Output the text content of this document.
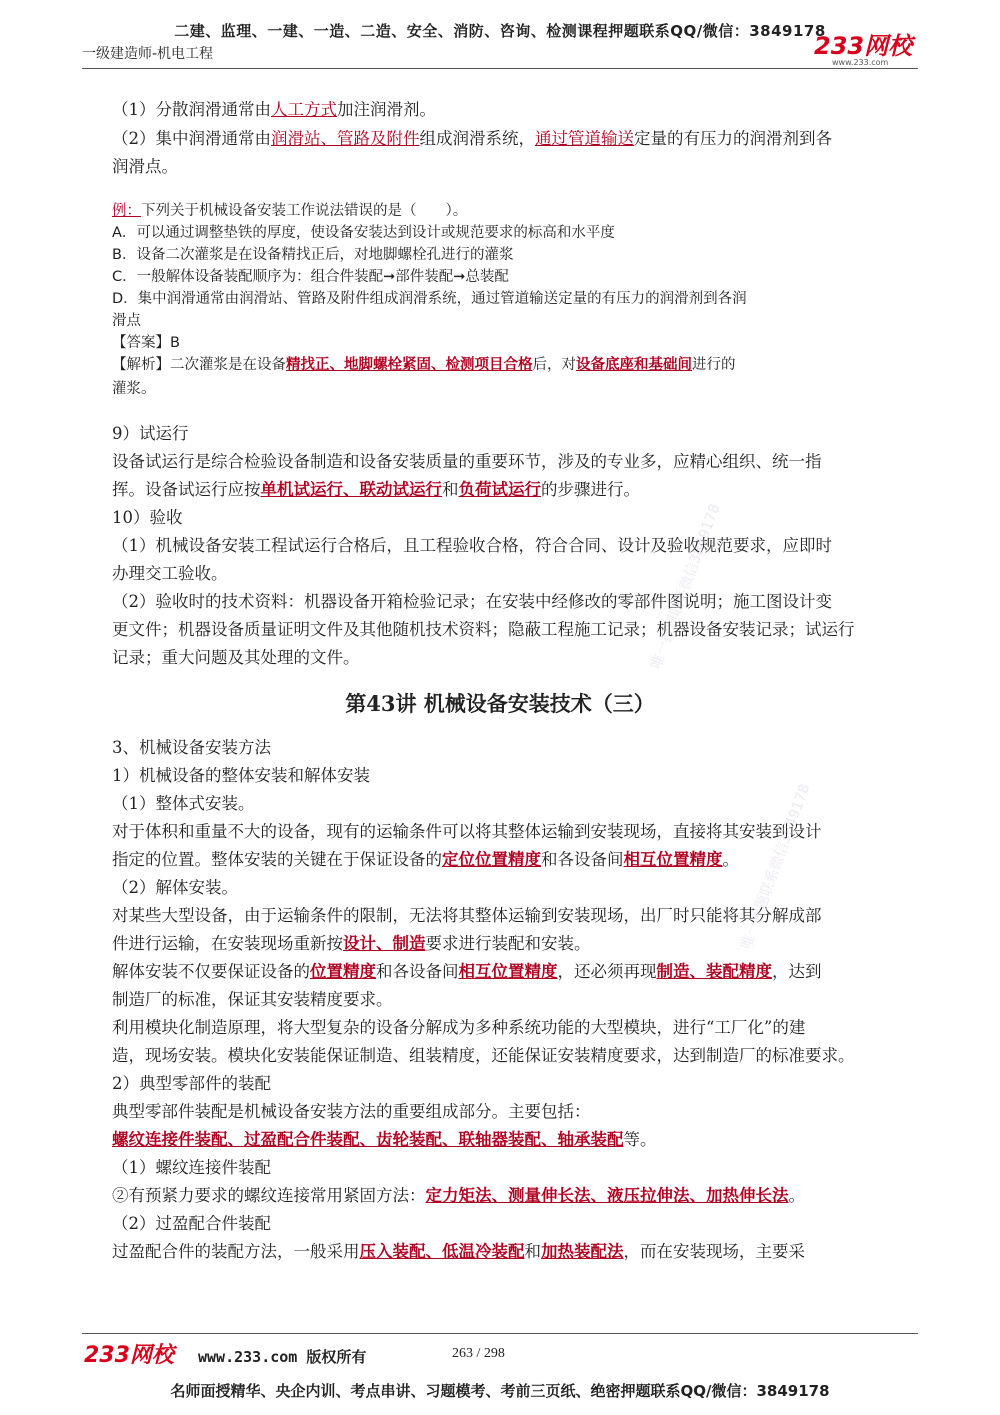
二建、监理、一建、一造、二造、安全、消防、咨询、检测课程押题联系QQ/微信：3849178
一级建造师-机电工程	233网校
www.233.com
（1）分散润滑通常由人工方式加注润滑剂。
（2）集中润滑通常由润滑站、管路及附件组成润滑系统，通过管道输送定量的有压力的润滑剂到各
润滑点。
例：下列关于机械设备安装工作说法错误的是（　　）。
A．可以通过调整垫铁的厚度，使设备安装达到设计或规范要求的标高和水平度
B．设备二次灌浆是在设备精找正后，对地脚螺栓孔进行的灌浆
C．一般解体设备装配顺序为：组合件装配➞部件装配➞总装配
D．集中润滑通常由润滑站、管路及附件组成润滑系统，通过管道输送定量的有压力的润滑剂到各润
滑点
【答案】B
【解析】二次灌浆是在设备精找正、地脚螺栓紧固、检测项目合格后，对设备底座和基础间进行的
灌浆。
9）试运行
设备试运行是综合检验设备制造和设备安装质量的重要环节，涉及的专业多，应精心组织、统一指
挥。设备试运行应按单机试运行、联动试运行和负荷试运行的步骤进行。
10）验收
（1）机械设备安装工程试运行合格后，且工程验收合格，符合合同、设计及验收规范要求，应即时
办理交工验收。
（2）验收时的技术资料：机器设备开箱检验记录；在安装中经修改的零部件图说明；施工图设计变
更文件；机器设备质量证明文件及其他随机技术资料；隐蔽工程施工记录；机器设备安装记录；试运行
记录；重大问题及其处理的文件。
第43讲 机械设备安装技术（三）
3、机械设备安装方法
1）机械设备的整体安装和解体安装
（1）整体式安装。
对于体积和重量不大的设备，现有的运输条件可以将其整体运输到安装现场，直接将其安装到设计
指定的位置。整体安装的关键在于保证设备的定位位置精度和各设备间相互位置精度。
（2）解体安装。
对某些大型设备，由于运输条件的限制，无法将其整体运输到安装现场，出厂时只能将其分解成部
件进行运输，在安装现场重新按设计、制造要求进行装配和安装。
解体安装不仅要保证设备的位置精度和各设备间相互位置精度，还必须再现制造、装配精度，达到
制造厂的标准，保证其安装精度要求。
利用模块化制造原理，将大型复杂的设备分解成为多种系统功能的大型模块，进行“工厂化”的建
造，现场安装。模块化安装能保证制造、组装精度，还能保证安装精度要求，达到制造厂的标准要求。
2）典型零部件的装配
典型零部件装配是机械设备安装方法的重要组成部分。主要包括：
螺纹连接件装配、过盈配合件装配、齿轮装配、联轴器装配、轴承装配等。
（1）螺纹连接件装配
②有预紧力要求的螺纹连接常用紧固方法：定力矩法、测量伸长法、液压拉伸法、加热伸长法。
（2）过盈配合件装配
过盈配合件的装配方法，一般采用压入装配、低温冷装配和加热装配法，而在安装现场，主要采
唯一押题联系微信3849178
唯一押题联系微信3849178
233网校 www.233.com 版权所有	263 / 298
名师面授精华、央企内训、考点串讲、习题模考、考前三页纸、绝密押题联系QQ/微信：3849178
